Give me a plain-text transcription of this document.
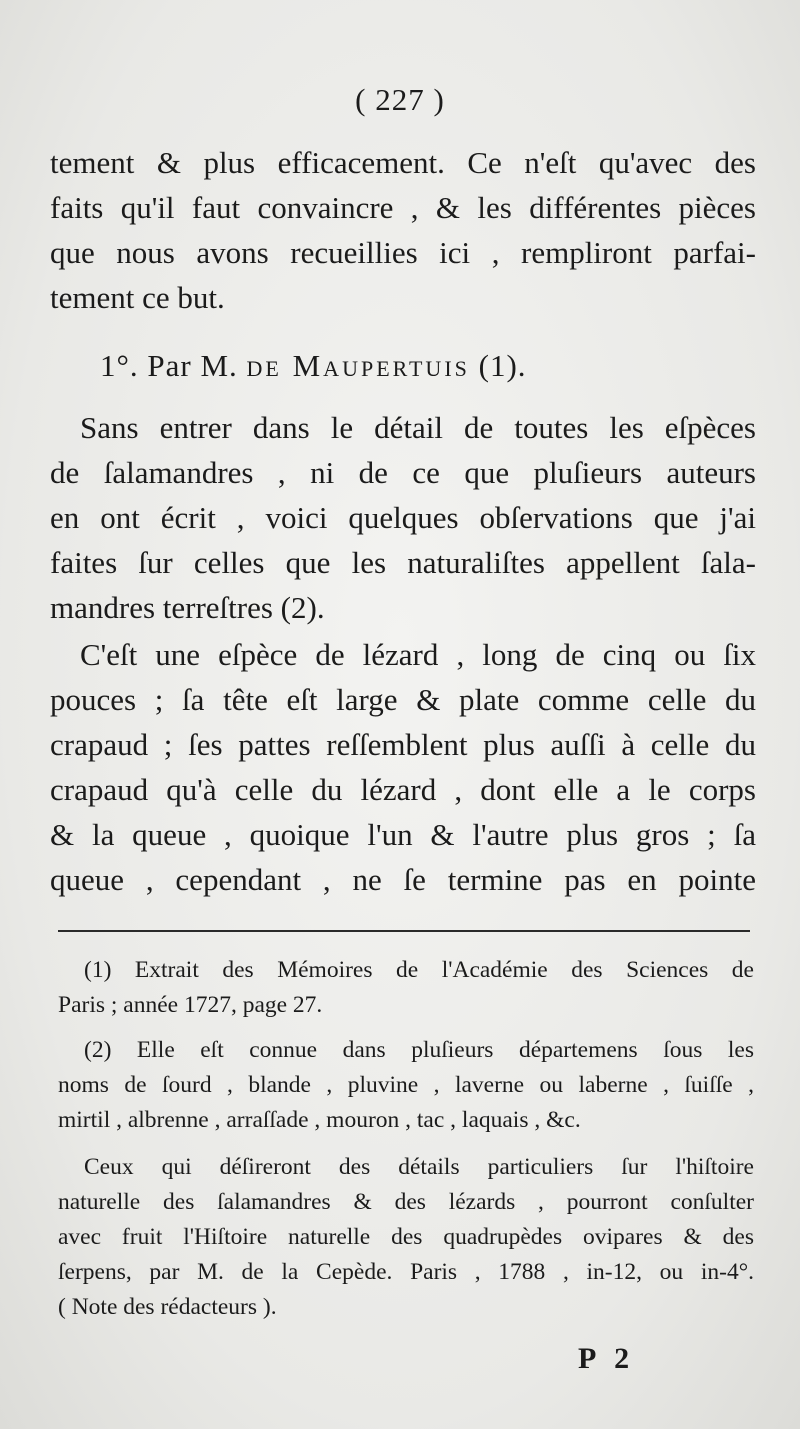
( 227 )
tement & plus efficacement. Ce n'eſt qu'avec des
faits qu'il faut convaincre , & les différentes pièces
que nous avons recueillies ici , rempliront parfai-
tement ce but.
1°. Par M. de Maupertuis (1).
Sans entrer dans le détail de toutes les eſpèces
de ſalamandres , ni de ce que pluſieurs auteurs
en ont écrit , voici quelques obſervations que j'ai
faites ſur celles que les naturaliſtes appellent ſala-
mandres terreſtres (2).
C'eſt une eſpèce de lézard , long de cinq ou ſix
pouces ; ſa tête eſt large & plate comme celle du
crapaud ; ſes pattes reſſemblent plus auſſi à celle du
crapaud qu'à celle du lézard , dont elle a le corps
& la queue , quoique l'un & l'autre plus gros ; ſa
queue , cependant , ne ſe termine pas en pointe
(1) Extrait des Mémoires de l'Académie des Sciences de
Paris ; année 1727, page 27.
(2) Elle eſt connue dans pluſieurs départemens ſous les
noms de ſourd , blande , pluvine , laverne ou laberne , ſuiſſe ,
mirtil , albrenne , arraſſade , mouron , tac , laquais , &c.
Ceux qui déſireront des détails particuliers ſur l'hiſtoire
naturelle des ſalamandres & des lézards , pourront conſulter
avec fruit l'Hiſtoire naturelle des quadrupèdes ovipares & des
ſerpens, par M. de la Cepède. Paris , 1788 , in-12, ou in-4°.
( Note des rédacteurs ).
P 2
